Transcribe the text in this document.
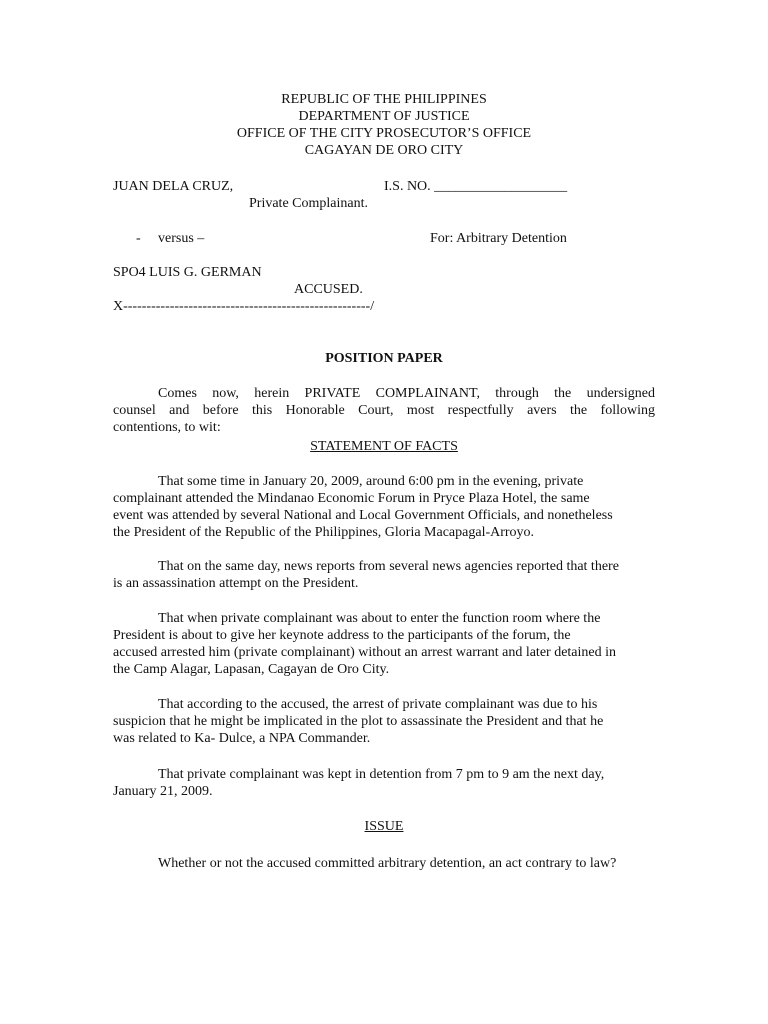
REPUBLIC OF THE PHILIPPINES
DEPARTMENT OF JUSTICE
OFFICE OF THE CITY PROSECUTOR’S OFFICE
CAGAYAN DE ORO CITY
JUAN DELA CRUZ,	I.S. NO. ___________________
Private Complainant.
- versus –	For: Arbitrary Detention
SPO4 LUIS G. GERMAN
ACCUSED.
X-----------------------------------------------------/
POSITION PAPER
Comes now, herein PRIVATE COMPLAINANT, through the undersigned
counsel and before this Honorable Court, most respectfully avers the following
contentions, to wit:
STATEMENT OF FACTS
That some time in January 20, 2009, around 6:00 pm in the evening, private
complainant attended the Mindanao Economic Forum in Pryce Plaza Hotel, the same
event was attended by several National and Local Government Officials, and nonetheless
the President of the Republic of the Philippines, Gloria Macapagal-Arroyo.
That on the same day, news reports from several news agencies reported that there
is an assassination attempt on the President.
That when private complainant was about to enter the function room where the
President is about to give her keynote address to the participants of the forum, the
accused arrested him (private complainant) without an arrest warrant and later detained in
the Camp Alagar, Lapasan, Cagayan de Oro City.
That according to the accused, the arrest of private complainant was due to his
suspicion that he might be implicated in the plot to assassinate the President and that he
was related to Ka- Dulce, a NPA Commander.
That private complainant was kept in detention from 7 pm to 9 am the next day,
January 21, 2009.
ISSUE
Whether or not the accused committed arbitrary detention, an act contrary to law?
